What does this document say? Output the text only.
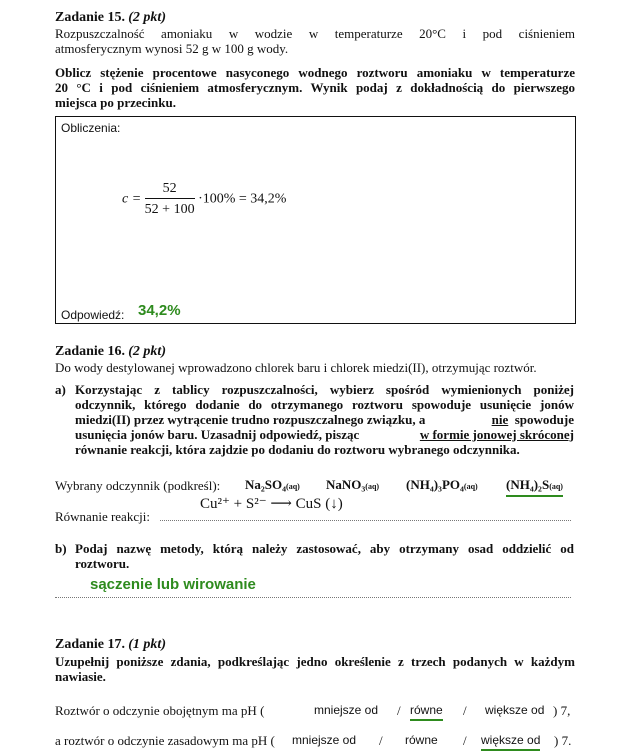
Zadanie 15. (2 pkt)
Rozpuszczalność amoniaku w wodzie w temperaturze 20°C i pod ciśnieniem
atmosferycznym wynosi 52 g w 100 g wody.
Oblicz stężenie procentowe nasyconego wodnego roztworu amoniaku w temperaturze
20 °C i pod ciśnieniem atmosferycznym. Wynik podaj z dokładnością do pierwszego
miejsca po przecinku.
Obliczenia:
$c = \frac{52}{52 + 100} \cdot 100\% = 34,2\%$
Odpowiedź: 34,2%
Zadanie 16. (2 pkt)
Do wody destylowanej wprowadzono chlorek baru i chlorek miedzi(II), otrzymując roztwór.
a) Korzystając z tablicy rozpuszczalności, wybierz spośród wymienionych poniżej
odczynnik, którego dodanie do otrzymanego roztworu spowoduje usunięcie jonów
miedzi(II) przez wytrącenie trudno rozpuszczalnego związku, a	nie spowoduje
usunięcia jonów baru. Uzasadnij odpowiedź, pisząc	w formie jonowej skróconej
równanie reakcji, która zajdzie po dodaniu do roztworu wybranego odczynnika.
Wybrany odczynnik (podkreśl): Na₂SO₄(aq) NaNO₃(aq) (NH₄)₃PO₄(aq) (NH₄)₂S(aq)
Cu²⁺ + S²⁻ ⟶ CuS (↓)
Równanie reakcji:
b) Podaj nazwę metody, którą należy zastosować, aby otrzymany osad oddzielić od
roztworu.
sączenie lub wirowanie
Zadanie 17. (1 pkt)
Uzupełnij poniższe zdania, podkreślając jedno określenie z trzech podanych w każdym
nawiasie.
Roztwór o odczynie obojętnym ma pH (	mniejsze od / równe / większe od ) 7,
a roztwór o odczynie zasadowym ma pH ( mniejsze od / równe / większe od ) 7.
